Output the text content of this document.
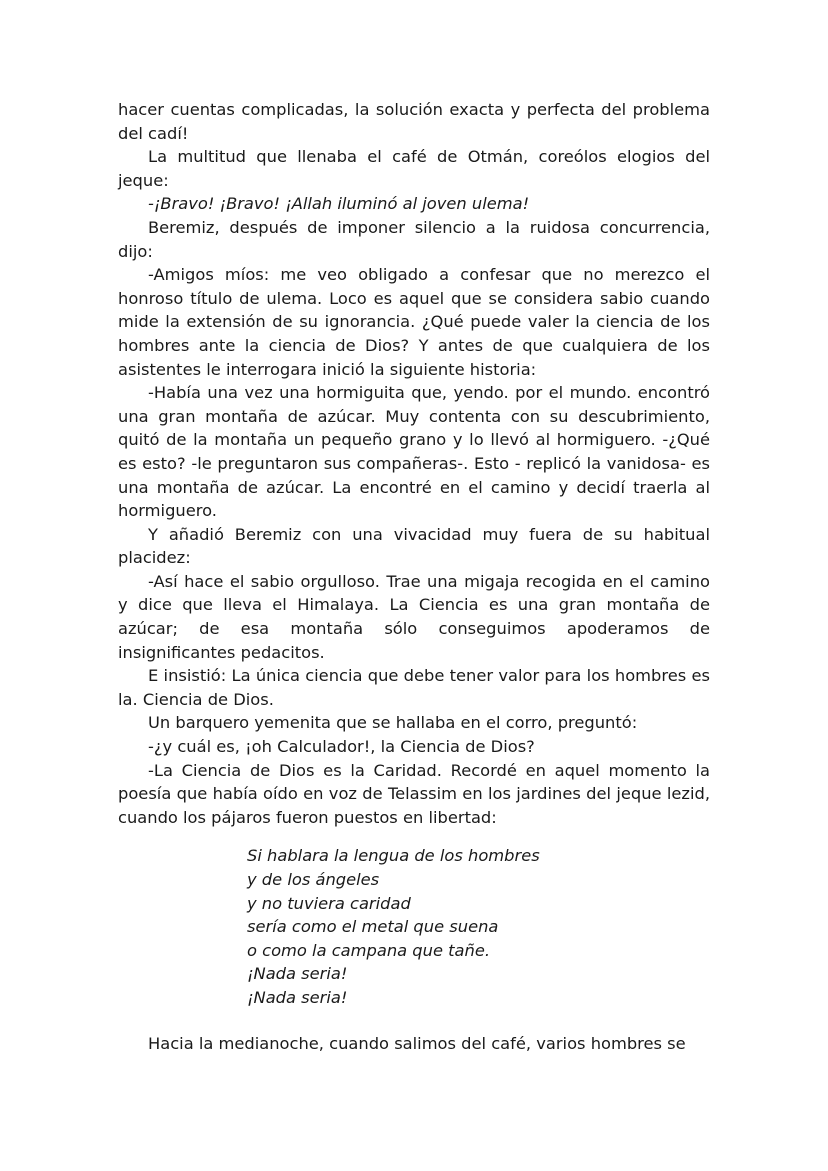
hacer cuentas complicadas, la solución exacta y perfecta del problema del cadí!

La multitud que llenaba el café de Otmán, coreólos elogios del jeque:

-¡Bravo! ¡Bravo! ¡Allah iluminó al joven ulema!

Beremiz, después de imponer silencio a la ruidosa concurrencia, dijo:

-Amigos míos: me veo obligado a confesar que no merezco el honroso título de ulema. Loco es aquel que se considera sabio cuando mide la extensión de su ignorancia. ¿Qué puede valer la ciencia de los hombres ante la ciencia de Dios? Y antes de que cualquiera de los asistentes le interrogara inició la siguiente historia:

-Había una vez una hormiguita que, yendo. por el mundo. encontró una gran montaña de azúcar. Muy contenta con su descubrimiento, quitó de la montaña un pequeño grano y lo llevó al hormiguero. -¿Qué es esto? -le preguntaron sus compañeras-. Esto - replicó la vanidosa- es una montaña de azúcar. La encontré en el camino y decidí traerla al hormiguero.

Y añadió Beremiz con una vivacidad muy fuera de su habitual placidez:

-Así hace el sabio orgulloso. Trae una migaja recogida en el camino y dice que lleva el Himalaya. La Ciencia es una gran montaña de azúcar; de esa montaña sólo conseguimos apoderamos de insignificantes pedacitos.

E insistió: La única ciencia que debe tener valor para los hombres es la. Ciencia de Dios.

Un barquero yemenita que se hallaba en el corro, preguntó:

-¿y cuál es, ¡oh Calculador!, la Ciencia de Dios?

-La Ciencia de Dios es la Caridad. Recordé en aquel momento la poesía que había oído en voz de Telassim en los jardines del jeque lezid, cuando los pájaros fueron puestos en libertad:

Si hablara la lengua de los hombres
y de los ángeles
y no tuviera caridad
sería como el metal que suena
o como la campana que tañe.
¡Nada seria!
¡Nada seria!

Hacia la medianoche, cuando salimos del café, varios hombres se
